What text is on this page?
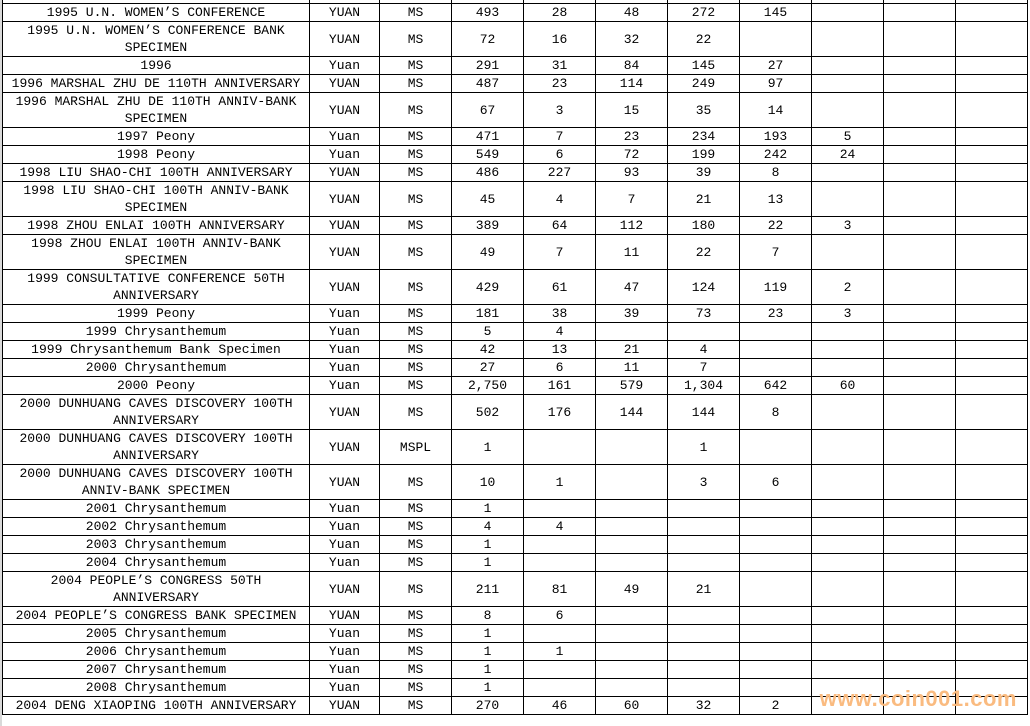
1995 U.N. WOMEN’S CONFERENCE	YUAN	MS	493	28	48	272	145			

1995 U.N. WOMEN’S CONFERENCE BANK SPECIMEN	YUAN	MS	72	16	32	22				

1996	Yuan	MS	291	31	84	145	27			

1996 MARSHAL ZHU DE 110TH ANNIVERSARY	YUAN	MS	487	23	114	249	97			

1996 MARSHAL ZHU DE 110TH ANNIV-BANK SPECIMEN	YUAN	MS	67	3	15	35	14			

1997 Peony	Yuan	MS	471	7	23	234	193	5		

1998 Peony	Yuan	MS	549	6	72	199	242	24		

1998 LIU SHAO-CHI 100TH ANNIVERSARY	YUAN	MS	486	227	93	39	8			

1998 LIU SHAO-CHI 100TH ANNIV-BANK SPECIMEN	YUAN	MS	45	4	7	21	13			

1998 ZHOU ENLAI 100TH ANNIVERSARY	YUAN	MS	389	64	112	180	22	3		

1998 ZHOU ENLAI 100TH ANNIV-BANK SPECIMEN	YUAN	MS	49	7	11	22	7			

1999 CONSULTATIVE CONFERENCE 50TH ANNIVERSARY	YUAN	MS	429	61	47	124	119	2		

1999 Peony	Yuan	MS	181	38	39	73	23	3		

1999 Chrysanthemum	Yuan	MS	5	4						

1999 Chrysanthemum Bank Specimen	Yuan	MS	42	13	21	4				

2000 Chrysanthemum	Yuan	MS	27	6	11	7				

2000 Peony	Yuan	MS	2,750	161	579	1,304	642	60		

2000 DUNHUANG CAVES DISCOVERY 100TH ANNIVERSARY	YUAN	MS	502	176	144	144	8			

2000 DUNHUANG CAVES DISCOVERY 100TH ANNIVERSARY	YUAN	MSPL	1			1				

2000 DUNHUANG CAVES DISCOVERY 100TH ANNIV-BANK SPECIMEN	YUAN	MS	10	1		3	6			

2001 Chrysanthemum	Yuan	MS	1							

2002 Chrysanthemum	Yuan	MS	4	4						

2003 Chrysanthemum	Yuan	MS	1							

2004 Chrysanthemum	Yuan	MS	1							

2004 PEOPLE’S CONGRESS 50TH ANNIVERSARY	YUAN	MS	211	81	49	21				

2004 PEOPLE’S CONGRESS BANK SPECIMEN	YUAN	MS	8	6						

2005 Chrysanthemum	Yuan	MS	1							

2006 Chrysanthemum	Yuan	MS	1	1						

2007 Chrysanthemum	Yuan	MS	1							

2008 Chrysanthemum	Yuan	MS	1							

2004 DENG XIAOPING 100TH ANNIVERSARY	YUAN	MS	270	46	60	32	2			www.coin001.com
